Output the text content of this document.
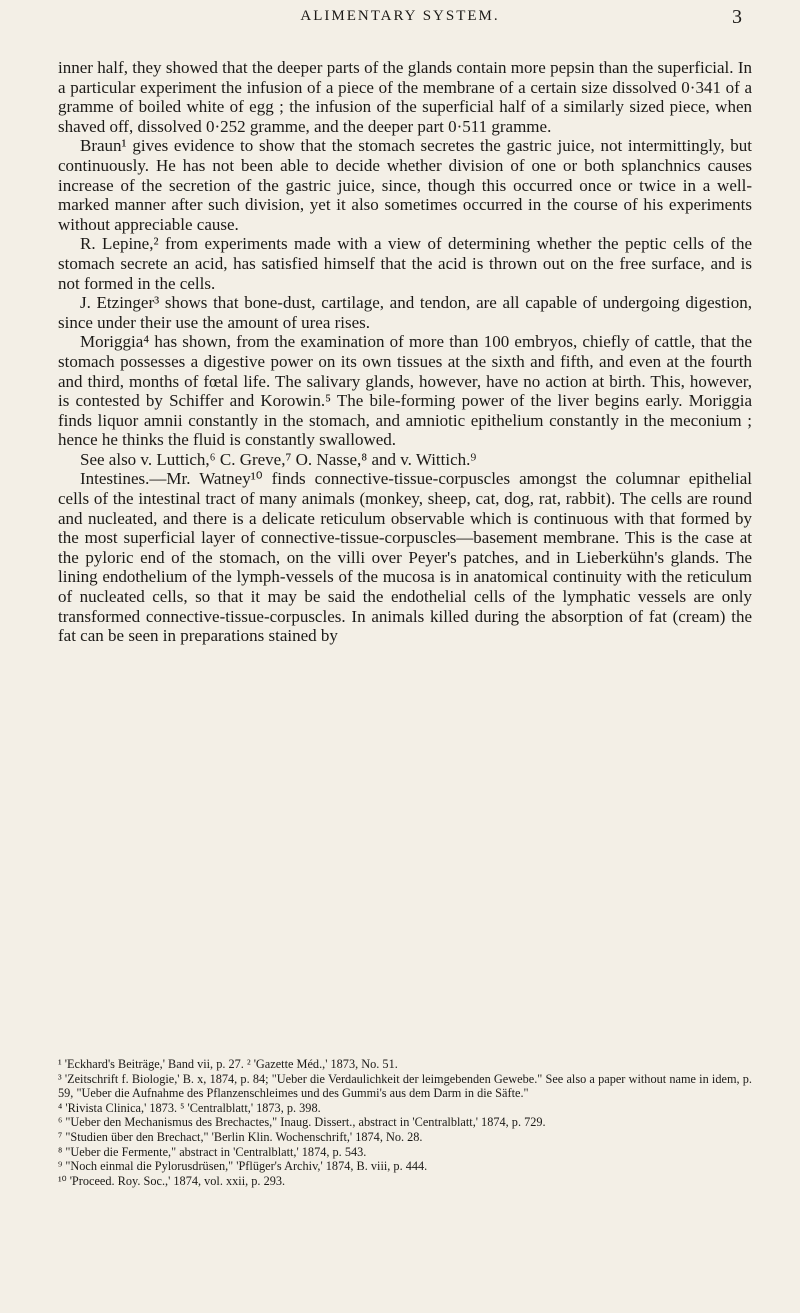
ALIMENTARY SYSTEM.	3

inner half, they showed that the deeper parts of the glands contain more pepsin than the superficial. In a particular experiment the infusion of a piece of the membrane of a certain size dissolved 0·341 of a gramme of boiled white of egg ; the infusion of the superficial half of a similarly sized piece, when shaved off, dissolved 0·252 gramme, and the deeper part 0·511 gramme.

Braun¹ gives evidence to show that the stomach secretes the gastric juice, not intermittingly, but continuously. He has not been able to decide whether division of one or both splanchnics causes increase of the secretion of the gastric juice, since, though this occurred once or twice in a well-marked manner after such division, yet it also sometimes occurred in the course of his experiments without appreciable cause.

R. Lepine,² from experiments made with a view of determining whether the peptic cells of the stomach secrete an acid, has satisfied himself that the acid is thrown out on the free surface, and is not formed in the cells.

J. Etzinger³ shows that bone-dust, cartilage, and tendon, are all capable of undergoing digestion, since under their use the amount of urea rises.

Moriggia⁴ has shown, from the examination of more than 100 embryos, chiefly of cattle, that the stomach possesses a digestive power on its own tissues at the sixth and fifth, and even at the fourth and third, months of fœtal life. The salivary glands, however, have no action at birth. This, however, is contested by Schiffer and Korowin.⁵ The bile-forming power of the liver begins early. Moriggia finds liquor amnii constantly in the stomach, and amniotic epithelium constantly in the meconium ; hence he thinks the fluid is constantly swallowed.

See also v. Luttich,⁶ C. Greve,⁷ O. Nasse,⁸ and v. Wittich.⁹

Intestines.—Mr. Watney¹⁰ finds connective-tissue-corpuscles amongst the columnar epithelial cells of the intestinal tract of many animals (monkey, sheep, cat, dog, rat, rabbit). The cells are round and nucleated, and there is a delicate reticulum observable which is continuous with that formed by the most superficial layer of connective-tissue-corpuscles—basement membrane. This is the case at the pyloric end of the stomach, on the villi over Peyer's patches, and in Lieberkühn's glands. The lining endothelium of the lymph-vessels of the mucosa is in anatomical continuity with the reticulum of nucleated cells, so that it may be said the endothelial cells of the lymphatic vessels are only transformed connective-tissue-corpuscles. In animals killed during the absorption of fat (cream) the fat can be seen in preparations stained by

¹ 'Eckhard's Beiträge,' Band vii, p. 27. ² 'Gazette Méd.,' 1873, No. 51.

³ 'Zeitschrift f. Biologie,' B. x, 1874, p. 84; "Ueber die Verdaulichkeit der leimgebenden Gewebe." See also a paper without name in idem, p. 59, "Ueber die Aufnahme des Pflanzenschleimes und des Gummi's aus dem Darm in die Säfte."

⁴ 'Rivista Clinica,' 1873. ⁵ 'Centralblatt,' 1873, p. 398.

⁶ "Ueber den Mechanismus des Brechactes," Inaug. Dissert., abstract in 'Centralblatt,' 1874, p. 729.

⁷ "Studien über den Brechact," 'Berlin Klin. Wochenschrift,' 1874, No. 28.

⁸ "Ueber die Fermente," abstract in 'Centralblatt,' 1874, p. 543.

⁹ "Noch einmal die Pylorusdrüsen," 'Pflüger's Archiv,' 1874, B. viii, p. 444.

¹⁰ 'Proceed. Roy. Soc.,' 1874, vol. xxii, p. 293.
